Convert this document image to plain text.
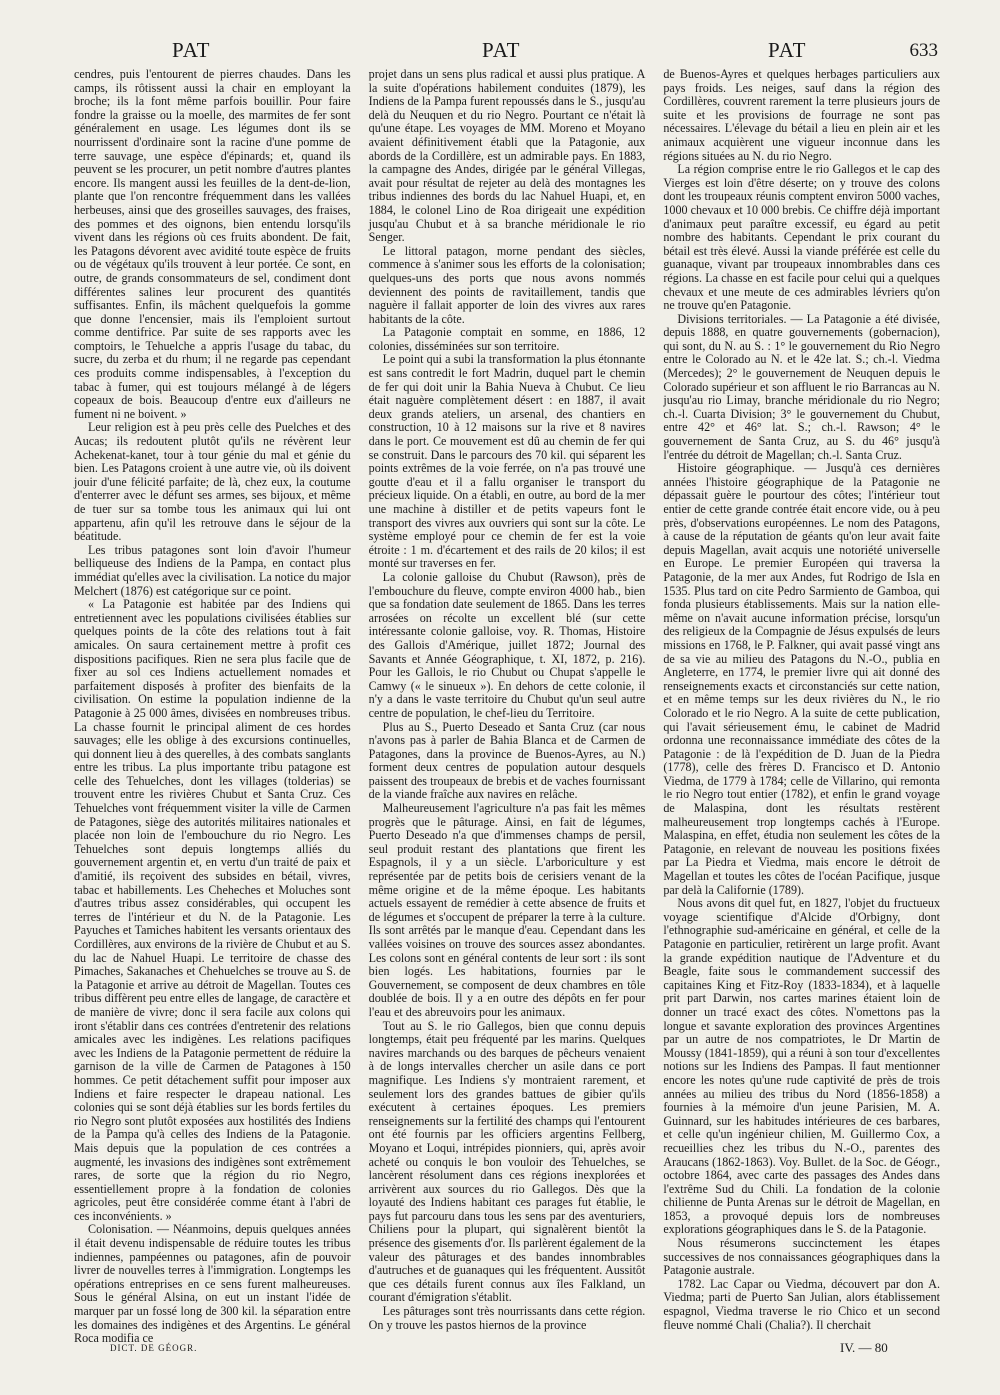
PAT	PAT	PAT	633

cendres, puis l'entourent de pierres chaudes. Dans les camps, ils rôtissent aussi la chair en employant la broche; ils la font même parfois bouillir. Pour faire fondre la graisse ou la moelle, des marmites de fer sont généralement en usage. Les légumes dont ils se nourrissent d'ordinaire sont la racine d'une pomme de terre sauvage, une espèce d'épinards; et, quand ils peuvent se les procurer, un petit nombre d'autres plantes encore. Ils mangent aussi les feuilles de la dent-de-lion, plante que l'on rencontre fréquemment dans les vallées herbeuses, ainsi que des groseilles sauvages, des fraises, des pommes et des oignons, bien entendu lorsqu'ils vivent dans les régions où ces fruits abondent. De fait, les Patagons dévorent avec avidité toute espèce de fruits ou de végétaux qu'ils trouvent à leur portée. Ce sont, en outre, de grands consommateurs de sel, condiment dont différentes salines leur procurent des quantités suffisantes. Enfin, ils mâchent quelquefois la gomme que donne l'encensier, mais ils l'emploient surtout comme dentifrice. Par suite de ses rapports avec les comptoirs, le Tehuelche a appris l'usage du tabac, du sucre, du zerba et du rhum; il ne regarde pas cependant ces produits comme indispensables, à l'exception du tabac à fumer, qui est toujours mélangé à de légers copeaux de bois. Beaucoup d'entre eux d'ailleurs ne fument ni ne boivent. »

Leur religion est à peu près celle des Puelches et des Aucas; ils redoutent plutôt qu'ils ne révèrent leur Achekenat-kanet, tour à tour génie du mal et génie du bien. Les Patagons croient à une autre vie, où ils doivent jouir d'une félicité parfaite; de là, chez eux, la coutume d'enterrer avec le défunt ses armes, ses bijoux, et même de tuer sur sa tombe tous les animaux qui lui ont appartenu, afin qu'il les retrouve dans le séjour de la béatitude.

Les tribus patagones sont loin d'avoir l'humeur belliqueuse des Indiens de la Pampa, en contact plus immédiat qu'elles avec la civilisation. La notice du major Melchert (1876) est catégorique sur ce point.

« La Patagonie est habitée par des Indiens qui entretiennent avec les populations civilisées établies sur quelques points de la côte des relations tout à fait amicales. On saura certainement mettre à profit ces dispositions pacifiques. Rien ne sera plus facile que de fixer au sol ces Indiens actuellement nomades et parfaitement disposés à profiter des bienfaits de la civilisation. On estime la population indienne de la Patagonie à 25 000 âmes, divisées en nombreuses tribus. La chasse fournit le principal aliment de ces hordes sauvages; elle les oblige à des excursions continuelles, qui donnent lieu à des querelles, à des combats sanglants entre les tribus. La plus importante tribu patagone est celle des Tehuelches, dont les villages (tolderias) se trouvent entre les rivières Chubut et Santa Cruz. Ces Tehuelches vont fréquemment visiter la ville de Carmen de Patagones, siège des autorités militaires nationales et placée non loin de l'embouchure du rio Negro. Les Tehuelches sont depuis longtemps alliés du gouvernement argentin et, en vertu d'un traité de paix et d'amitié, ils reçoivent des subsides en bétail, vivres, tabac et habillements. Les Cheheches et Moluches sont d'autres tribus assez considérables, qui occupent les terres de l'intérieur et du N. de la Patagonie. Les Payuches et Tamiches habitent les versants orientaux des Cordillères, aux environs de la rivière de Chubut et au S. du lac de Nahuel Huapi. Le territoire de chasse des Pimaches, Sakanaches et Chehuelches se trouve au S. de la Patagonie et arrive au détroit de Magellan. Toutes ces tribus diffèrent peu entre elles de langage, de caractère et de manière de vivre; donc il sera facile aux colons qui iront s'établir dans ces contrées d'entretenir des relations amicales avec les indigènes. Les relations pacifiques avec les Indiens de la Patagonie permettent de réduire la garnison de la ville de Carmen de Patagones à 150 hommes. Ce petit détachement suffit pour imposer aux Indiens et faire respecter le drapeau national. Les colonies qui se sont déjà établies sur les bords fertiles du rio Negro sont plutôt exposées aux hostilités des Indiens de la Pampa qu'à celles des Indiens de la Patagonie. Mais depuis que la population de ces contrées a augmenté, les invasions des indigènes sont extrêmement rares, de sorte que la région du rio Negro, essentiellement propre à la fondation de colonies agricoles, peut être considérée comme étant à l'abri de ces inconvénients. »

Colonisation. — Néanmoins, depuis quelques années il était devenu indispensable de réduire toutes les tribus indiennes, pampéennes ou patagones, afin de pouvoir livrer de nouvelles terres à l'immigration. Longtemps les opérations entreprises en ce sens furent malheureuses. Sous le général Alsina, on eut un instant l'idée de marquer par un fossé long de 300 kil. la séparation entre les domaines des indigènes et des Argentins. Le général Roca modifia ce

projet dans un sens plus radical et aussi plus pratique. A la suite d'opérations habilement conduites (1879), les Indiens de la Pampa furent repoussés dans le S., jusqu'au delà du Neuquen et du rio Negro. Pourtant ce n'était là qu'une étape. Les voyages de MM. Moreno et Moyano avaient définitivement établi que la Patagonie, aux abords de la Cordillère, est un admirable pays. En 1883, la campagne des Andes, dirigée par le général Villegas, avait pour résultat de rejeter au delà des montagnes les tribus indiennes des bords du lac Nahuel Huapi, et, en 1884, le colonel Lino de Roa dirigeait une expédition jusqu'au Chubut et à sa branche méridionale le rio Senger.

Le littoral patagon, morne pendant des siècles, commence à s'animer sous les efforts de la colonisation; quelques-uns des ports que nous avons nommés deviennent des points de ravitaillement, tandis que naguère il fallait apporter de loin des vivres aux rares habitants de la côte.

La Patagonie comptait en somme, en 1886, 12 colonies, disséminées sur son territoire.

Le point qui a subi la transformation la plus étonnante est sans contredit le fort Madrin, duquel part le chemin de fer qui doit unir la Bahia Nueva à Chubut. Ce lieu était naguère complètement désert : en 1887, il avait deux grands ateliers, un arsenal, des chantiers en construction, 10 à 12 maisons sur la rive et 8 navires dans le port. Ce mouvement est dû au chemin de fer qui se construit. Dans le parcours des 70 kil. qui séparent les points extrêmes de la voie ferrée, on n'a pas trouvé une goutte d'eau et il a fallu organiser le transport du précieux liquide. On a établi, en outre, au bord de la mer une machine à distiller et de petits vapeurs font le transport des vivres aux ouvriers qui sont sur la côte. Le système employé pour ce chemin de fer est la voie étroite : 1 m. d'écartement et des rails de 20 kilos; il est monté sur traverses en fer.

La colonie galloise du Chubut (Rawson), près de l'embouchure du fleuve, compte environ 4000 hab., bien que sa fondation date seulement de 1865. Dans les terres arrosées on récolte un excellent blé (sur cette intéressante colonie galloise, voy. R. Thomas, Histoire des Gallois d'Amérique, juillet 1872; Journal des Savants et Année Géographique, t. XI, 1872, p. 216). Pour les Gallois, le rio Chubut ou Chupat s'appelle le Camwy (« le sinueux »). En dehors de cette colonie, il n'y a dans le vaste territoire du Chubut qu'un seul autre centre de population, le chef-lieu du Territoire.

Plus au S., Puerto Deseado et Santa Cruz (car nous n'avons pas à parler de Bahia Blanca et de Carmen de Patagones, dans la province de Buenos-Ayres, au N.) forment deux centres de population autour desquels paissent des troupeaux de brebis et de vaches fournissant de la viande fraîche aux navires en relâche.

Malheureusement l'agriculture n'a pas fait les mêmes progrès que le pâturage. Ainsi, en fait de légumes, Puerto Deseado n'a que d'immenses champs de persil, seul produit restant des plantations que firent les Espagnols, il y a un siècle. L'arboriculture y est représentée par de petits bois de cerisiers venant de la même origine et de la même époque. Les habitants actuels essayent de remédier à cette absence de fruits et de légumes et s'occupent de préparer la terre à la culture. Ils sont arrêtés par le manque d'eau. Cependant dans les vallées voisines on trouve des sources assez abondantes. Les colons sont en général contents de leur sort : ils sont bien logés. Les habitations, fournies par le Gouvernement, se composent de deux chambres en tôle doublée de bois. Il y a en outre des dépôts en fer pour l'eau et des abreuvoirs pour les animaux.

Tout au S. le rio Gallegos, bien que connu depuis longtemps, était peu fréquenté par les marins. Quelques navires marchands ou des barques de pêcheurs venaient à de longs intervalles chercher un asile dans ce port magnifique. Les Indiens s'y montraient rarement, et seulement lors des grandes battues de gibier qu'ils exécutent à certaines époques. Les premiers renseignements sur la fertilité des champs qui l'entourent ont été fournis par les officiers argentins Fellberg, Moyano et Loqui, intrépides pionniers, qui, après avoir acheté ou conquis le bon vouloir des Tehuelches, se lancèrent résolument dans ces régions inexplorées et arrivèrent aux sources du rio Gallegos. Dès que la loyauté des Indiens habitant ces parages fut établie, le pays fut parcouru dans tous les sens par des aventuriers, Chiliens pour la plupart, qui signalèrent bientôt la présence des gisements d'or. Ils parlèrent également de la valeur des pâturages et des bandes innombrables d'autruches et de guanaques qui les fréquentent. Aussitôt que ces détails furent connus aux îles Falkland, un courant d'émigration s'établit.

Les pâturages sont très nourrissants dans cette région. On y trouve les pastos hiernos de la province

de Buenos-Ayres et quelques herbages particuliers aux pays froids. Les neiges, sauf dans la région des Cordillères, couvrent rarement la terre plusieurs jours de suite et les provisions de fourrage ne sont pas nécessaires. L'élevage du bétail a lieu en plein air et les animaux acquièrent une vigueur inconnue dans les régions situées au N. du rio Negro.

La région comprise entre le rio Gallegos et le cap des Vierges est loin d'être déserte; on y trouve des colons dont les troupeaux réunis comptent environ 5000 vaches, 1000 chevaux et 10 000 brebis. Ce chiffre déjà important d'animaux peut paraître excessif, eu égard au petit nombre des habitants. Cependant le prix courant du bétail est très élevé. Aussi la viande préférée est celle du guanaque, vivant par troupeaux innombrables dans ces régions. La chasse en est facile pour celui qui a quelques chevaux et une meute de ces admirables lévriers qu'on ne trouve qu'en Patagonie.

Divisions territoriales. — La Patagonie a été divisée, depuis 1888, en quatre gouvernements (gobernacion), qui sont, du N. au S. : 1° le gouvernement du Rio Negro entre le Colorado au N. et le 42e lat. S.; ch.-l. Viedma (Mercedes); 2° le gouvernement de Neuquen depuis le Colorado supérieur et son affluent le rio Barrancas au N. jusqu'au rio Limay, branche méridionale du rio Negro; ch.-l. Cuarta Division; 3° le gouvernement du Chubut, entre 42° et 46° lat. S.; ch.-l. Rawson; 4° le gouvernement de Santa Cruz, au S. du 46° jusqu'à l'entrée du détroit de Magellan; ch.-l. Santa Cruz.

Histoire géographique. — Jusqu'à ces dernières années l'histoire géographique de la Patagonie ne dépassait guère le pourtour des côtes; l'intérieur tout entier de cette grande contrée était encore vide, ou à peu près, d'observations européennes. Le nom des Patagons, à cause de la réputation de géants qu'on leur avait faite depuis Magellan, avait acquis une notoriété universelle en Europe. Le premier Européen qui traversa la Patagonie, de la mer aux Andes, fut Rodrigo de Isla en 1535. Plus tard on cite Pedro Sarmiento de Gamboa, qui fonda plusieurs établissements. Mais sur la nation elle-même on n'avait aucune information précise, lorsqu'un des religieux de la Compagnie de Jésus expulsés de leurs missions en 1768, le P. Falkner, qui avait passé vingt ans de sa vie au milieu des Patagons du N.-O., publia en Angleterre, en 1774, le premier livre qui ait donné des renseignements exacts et circonstanciés sur cette nation, et en même temps sur les deux rivières du N., le rio Colorado et le rio Negro. A la suite de cette publication, qui l'avait sérieusement ému, le cabinet de Madrid ordonna une reconnaissance immédiate des côtes de la Patagonie : de là l'expédition de D. Juan de la Piedra (1778), celle des frères D. Francisco et D. Antonio Viedma, de 1779 à 1784; celle de Villarino, qui remonta le rio Negro tout entier (1782), et enfin le grand voyage de Malaspina, dont les résultats restèrent malheureusement trop longtemps cachés à l'Europe. Malaspina, en effet, étudia non seulement les côtes de la Patagonie, en relevant de nouveau les positions fixées par La Piedra et Viedma, mais encore le détroit de Magellan et toutes les côtes de l'océan Pacifique, jusque par delà la Californie (1789).

Nous avons dit quel fut, en 1827, l'objet du fructueux voyage scientifique d'Alcide d'Orbigny, dont l'ethnographie sud-américaine en général, et celle de la Patagonie en particulier, retirèrent un large profit. Avant la grande expédition nautique de l'Adventure et du Beagle, faite sous le commandement successif des capitaines King et Fitz-Roy (1833-1834), et à laquelle prit part Darwin, nos cartes marines étaient loin de donner un tracé exact des côtes. N'omettons pas la longue et savante exploration des provinces Argentines par un autre de nos compatriotes, le Dr Martin de Moussy (1841-1859), qui a réuni à son tour d'excellentes notions sur les Indiens des Pampas. Il faut mentionner encore les notes qu'une rude captivité de près de trois années au milieu des tribus du Nord (1856-1858) a fournies à la mémoire d'un jeune Parisien, M. A. Guinnard, sur les habitudes intérieures de ces barbares, et celle qu'un ingénieur chilien, M. Guillermo Cox, a recueillies chez les tribus du N.-O., parentes des Araucans (1862-1863). Voy. Bullet. de la Soc. de Géogr., octobre 1864, avec carte des passages des Andes dans l'extrême Sud du Chili. La fondation de la colonie chilienne de Punta Arenas sur le détroit de Magellan, en 1853, a provoqué depuis lors de nombreuses explorations géographiques dans le S. de la Patagonie.

Nous résumerons succinctement les étapes successives de nos connaissances géographiques dans la Patagonie australe.

1782. Lac Capar ou Viedma, découvert par don A. Viedma; parti de Puerto San Julian, alors établissement espagnol, Viedma traverse le rio Chico et un second fleuve nommé Chali (Chalia?). Il cherchait

DICT. DE GÉOGR.	IV. — 80
